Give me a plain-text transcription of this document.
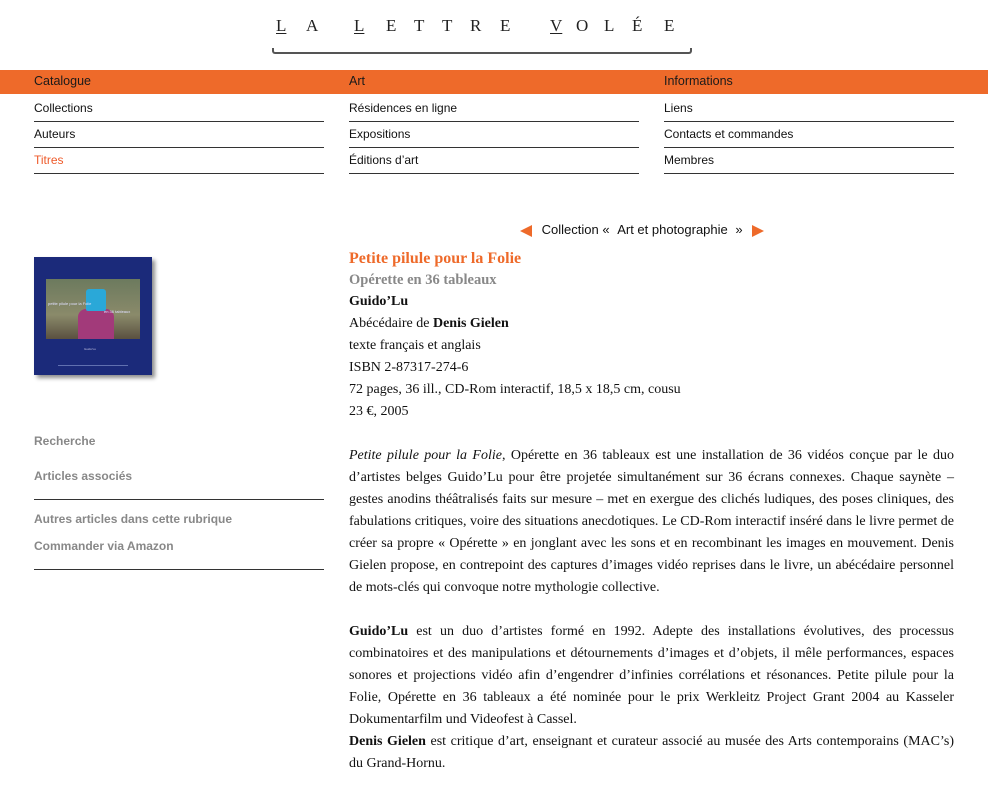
L A L E T T R E V O L É E
Catalogue	Art	Informations
Collections
Auteurs
Titres
Résidences en ligne
Expositions
Éditions d’art
Liens
Contacts et commandes
Membres
Collection « Art et photographie »
petite pilule pour la Folie
en 36 tableaux
Guido'Lu
Recherche
Articles associés
Autres articles dans cette rubrique
Commander via Amazon
Petite pilule pour la Folie
Opérette en 36 tableaux
Guido’Lu
Abécédaire de Denis Gielen
texte français et anglais
ISBN 2-87317-274-6
72 pages, 36 ill., CD-Rom interactif, 18,5 x 18,5 cm, cousu
23 €, 2005

Petite pilule pour la Folie, Opérette en 36 tableaux est une installation de 36 vidéos conçue par le duo d’artistes belges Guido’Lu pour être projetée simultanément sur 36 écrans connexes. Chaque saynète – gestes anodins théâtralisés faits sur mesure – met en exergue des clichés ludiques, des poses cliniques, des fabulations critiques, voire des situations anecdotiques. Le CD-Rom interactif inséré dans le livre permet de créer sa propre « Opérette » en jonglant avec les sons et en recombinant les images en mouvement. Denis Gielen propose, en contrepoint des captures d’images vidéo reprises dans le livre, un abécédaire personnel de mots-clés qui convoque notre mythologie collective.

Guido’Lu est un duo d’artistes formé en 1992. Adepte des installations évolutives, des processus combinatoires et des manipulations et détournements d’images et d’objets, il mêle performances, espaces sonores et projections vidéo afin d’engendrer d’infinies corrélations et résonances. Petite pilule pour la Folie, Opérette en 36 tableaux a été nominée pour le prix Werkleitz Project Grant 2004 au Kasseler Dokumentarfilm und Videofest à Cassel.

Denis Gielen est critique d’art, enseignant et curateur associé au musée des Arts contemporains (MAC’s) du Grand-Hornu.
